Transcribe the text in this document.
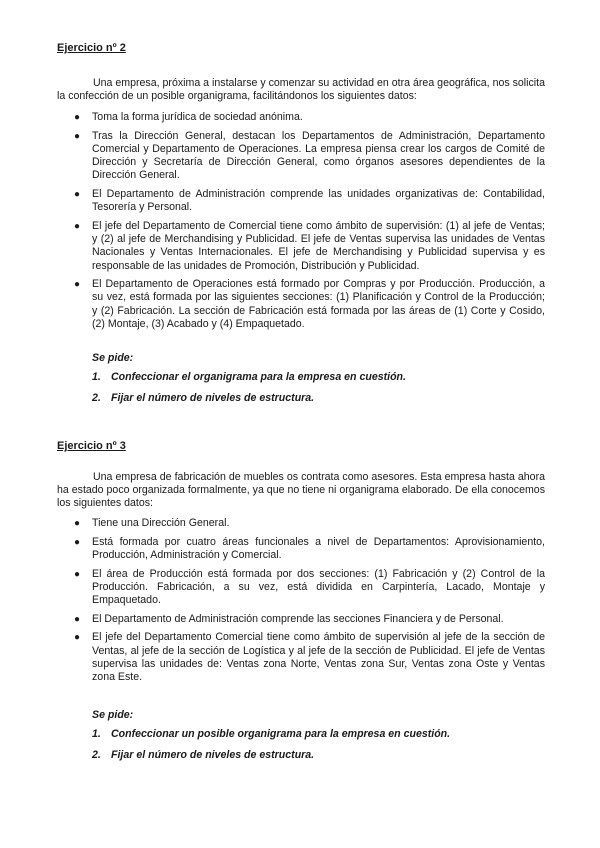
Ejercicio nº 2
Una empresa, próxima a instalarse y comenzar su actividad en otra área geográfica, nos solicita la confección de un posible organigrama, facilitándonos los siguientes datos:
● Toma la forma jurídica de sociedad anónima.
● Tras la Dirección General, destacan los Departamentos de Administración, Departamento Comercial y Departamento de Operaciones. La empresa piensa crear los cargos de Comité de Dirección y Secretaría de Dirección General, como órganos asesores dependientes de la Dirección General.
● El Departamento de Administración comprende las unidades organizativas de: Contabilidad, Tesorería y Personal.
● El jefe del Departamento de Comercial tiene como ámbito de supervisión: (1) al jefe de Ventas; y (2) al jefe de Merchandising y Publicidad. El jefe de Ventas supervisa las unidades de Ventas Nacionales y Ventas Internacionales. El jefe de Merchandising y Publicidad supervisa y es responsable de las unidades de Promoción, Distribución y Publicidad.
● El Departamento de Operaciones está formado por Compras y por Producción. Producción, a su vez, está formada por las siguientes secciones: (1) Planificación y Control de la Producción; y (2) Fabricación. La sección de Fabricación está formada por las áreas de (1) Corte y Cosido, (2) Montaje, (3) Acabado y (4) Empaquetado.
Se pide:
1. Confeccionar el organigrama para la empresa en cuestión.
2. Fijar el número de niveles de estructura.
Ejercicio nº 3
Una empresa de fabricación de muebles os contrata como asesores. Esta empresa hasta ahora ha estado poco organizada formalmente, ya que no tiene ni organigrama elaborado. De ella conocemos los siguientes datos:
● Tiene una Dirección General.
● Está formada por cuatro áreas funcionales a nivel de Departamentos: Aprovisionamiento, Producción, Administración y Comercial.
● El área de Producción está formada por dos secciones: (1) Fabricación y (2) Control de la Producción. Fabricación, a su vez, está dividida en Carpintería, Lacado, Montaje y Empaquetado.
● El Departamento de Administración comprende las secciones Financiera y de Personal.
● El jefe del Departamento Comercial tiene como ámbito de supervisión al jefe de la sección de Ventas, al jefe de la sección de Logística y al jefe de la sección de Publicidad. El jefe de Ventas supervisa las unidades de: Ventas zona Norte, Ventas zona Sur, Ventas zona Oste y Ventas zona Este.
Se pide:
1. Confeccionar un posible organigrama para la empresa en cuestión.
2. Fijar el número de niveles de estructura.
